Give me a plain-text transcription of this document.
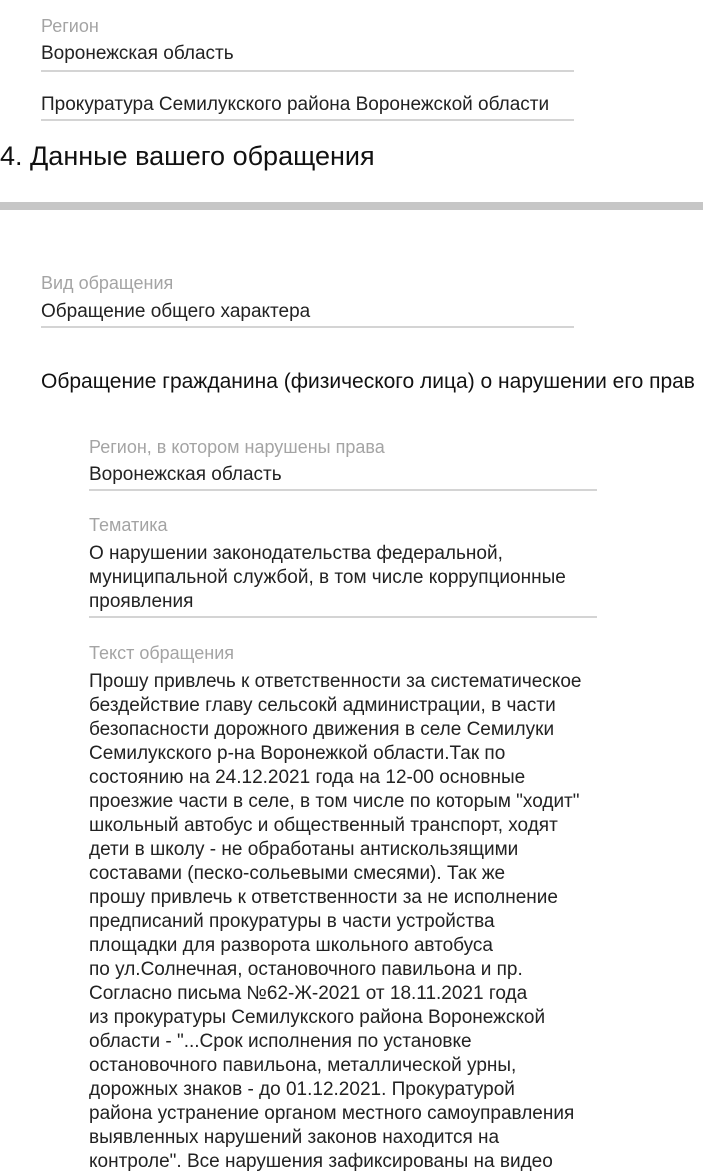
Регион
Воронежская область
Прокуратура Семилукского района Воронежской области
4. Данные вашего обращения
Вид обращения
Обращение общего характера
Обращение гражданина (физического лица) о нарушении его прав
Регион, в котором нарушены права
Воронежская область
Тематика
О нарушении законодательства федеральной,
муниципальной службой, в том числе коррупционные
проявления
Текст обращения
Прошу привлечь к ответственности за систематическое
бездействие главу сельсокй администрации, в части
безопасности дорожного движения в селе Семилуки
Семилукского р-на Воронежкой области.Так по
состоянию на 24.12.2021 года на 12-00 основные
проезжие части в селе, в том числе по которым "ходит"
школьный автобус и общественный транспорт, ходят
дети в школу - не обработаны антискользящими
составами (песко-сольевыми смесями). Так же
прошу привлечь к ответственности за не исполнение
предписаний прокуратуры в части устройства
площадки для разворота школьного автобуса
по ул.Солнечная, остановочного павильона и пр.
Согласно письма №62-Ж-2021 от 18.11.2021 года
из прокуратуры Семилукского района Воронежской
области - "...Срок исполнения по установке
остановочного павильона, металлической урны,
дорожных знаков - до 01.12.2021. Прокуратурой
района устранение органом местного самоуправления
выявленных нарушений законов находится на
контроле". Все нарушения зафиксированы на видео
